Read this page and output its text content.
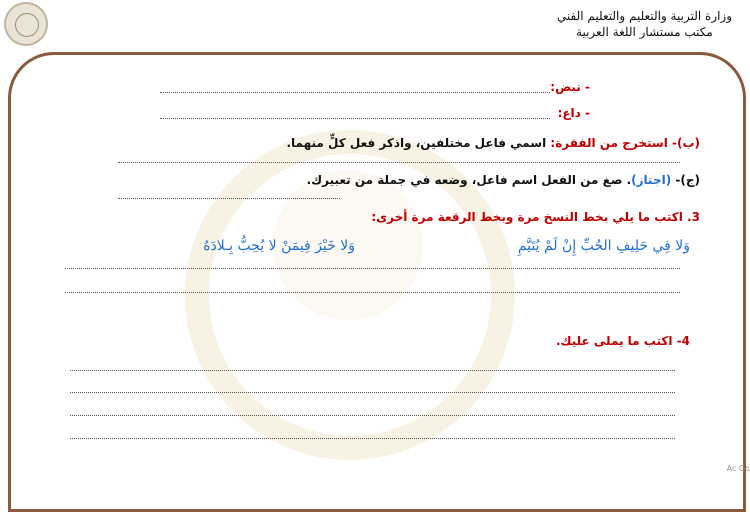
وزارة التربية والتعليم والتعليم الفني
مكتب مستشار اللغة العربية
- نبض:
- داع:
(ب)- استخرج من الفقرة: اسمي فاعل مختلفين، واذكر فعل كلٍّ منهما.
(ج)- (اجتاز). صغ من الفعل اسم فاعل، وضعه في جملة من تعبيرك.
3. اكتب ما يلي بخط النسخ مرة وبخط الرقعة مرة أخرى:
وَلا خَيْرَ فِيمَنْ لا يُحِبُّ بِـلادَهُ	وَلا فِي حَلِيفِ الحُبِّ إِنْ لَمْ يُتَيَّمِ
4- اكتب ما يملى عليك.
Ac Go
